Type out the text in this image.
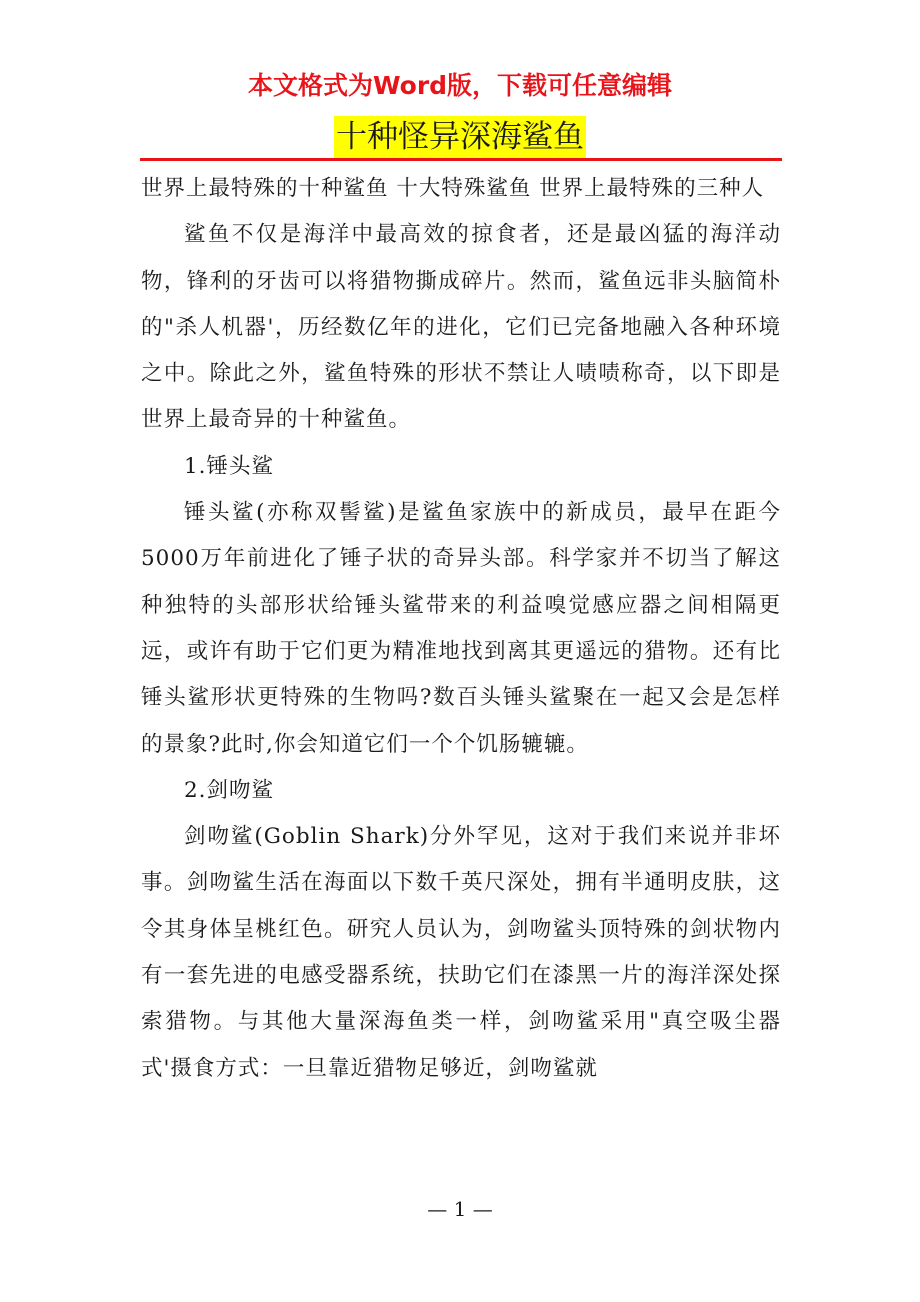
本文格式为Word版，下载可任意编辑
十种怪异深海鲨鱼

世界上最特殊的十种鲨鱼 十大特殊鲨鱼 世界上最特殊的三种人

鲨鱼不仅是海洋中最高效的掠食者，还是最凶猛的海洋动物，锋利的牙齿可以将猎物撕成碎片。然而，鲨鱼远非头脑简朴的"杀人机器'，历经数亿年的进化，它们已完备地融入各种环境之中。除此之外，鲨鱼特殊的形状不禁让人啧啧称奇，以下即是世界上最奇异的十种鲨鱼。

1.锤头鲨

锤头鲨(亦称双髻鲨)是鲨鱼家族中的新成员，最早在距今5000万年前进化了锤子状的奇异头部。科学家并不切当了解这种独特的头部形状给锤头鲨带来的利益嗅觉感应器之间相隔更远，或许有助于它们更为精准地找到离其更遥远的猎物。还有比锤头鲨形状更特殊的生物吗?数百头锤头鲨聚在一起又会是怎样的景象?此时,你会知道它们一个个饥肠辘辘。

2.剑吻鲨

剑吻鲨(Goblin Shark)分外罕见，这对于我们来说并非坏事。剑吻鲨生活在海面以下数千英尺深处，拥有半通明皮肤，这令其身体呈桃红色。研究人员认为，剑吻鲨头顶特殊的剑状物内有一套先进的电感受器系统，扶助它们在漆黑一片的海洋深处探索猎物。与其他大量深海鱼类一样，剑吻鲨采用"真空吸尘器式'摄食方式：一旦靠近猎物足够近，剑吻鲨就

— 1 —
